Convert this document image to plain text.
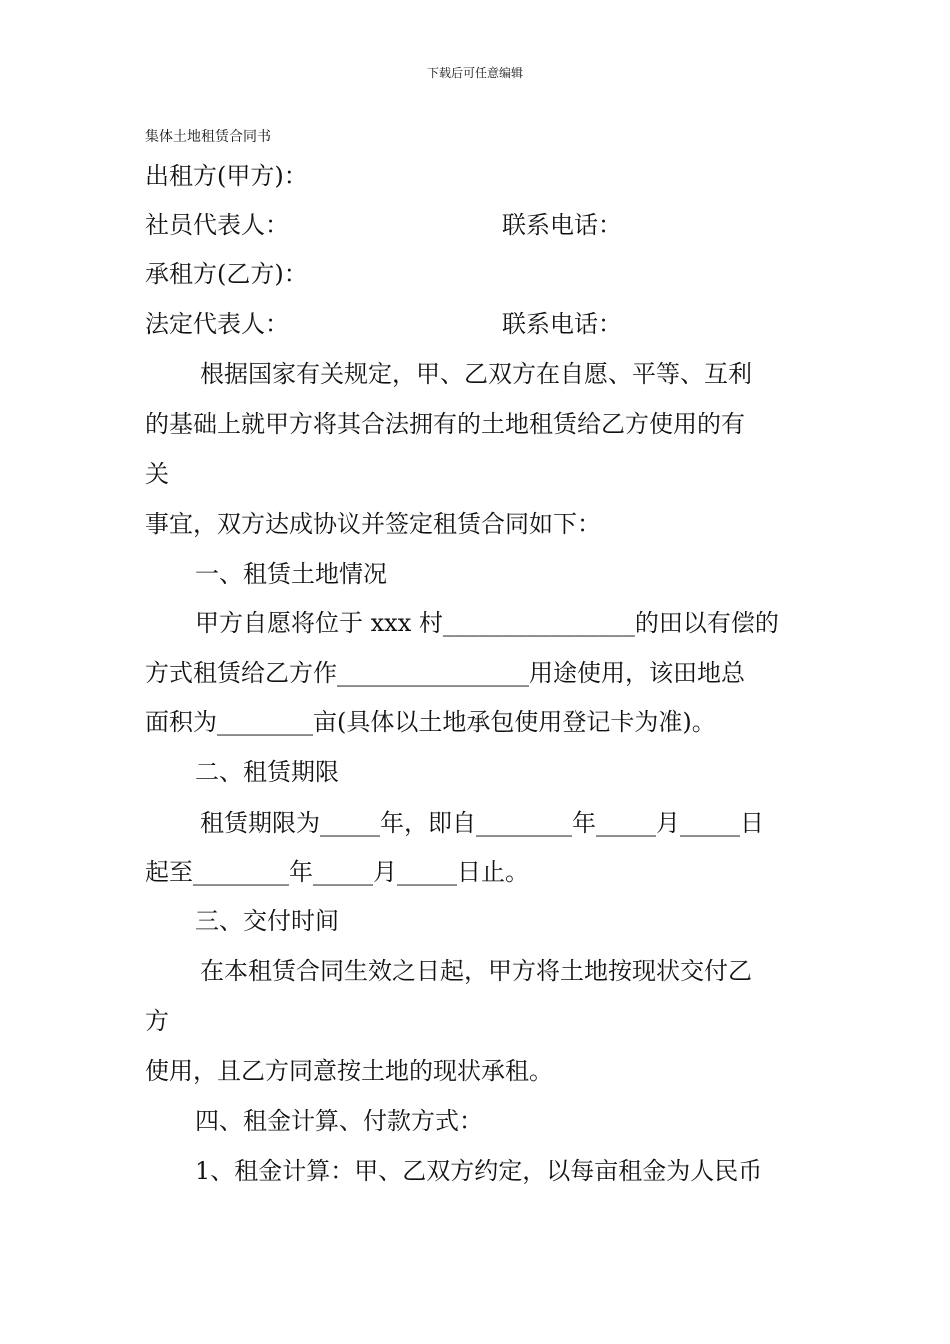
下载后可任意编辑
集体土地租赁合同书
出租方(甲方)：
社员代表人：	联系电话：
承租方(乙方)：
法定代表人：	联系电话：
根据国家有关规定，甲、乙双方在自愿、平等、互利
的基础上就甲方将其合法拥有的土地租赁给乙方使用的有
关
事宜，双方达成协议并签定租赁合同如下：
一、租赁土地情况
甲方自愿将位于 xxx 村________________的田以有偿的
方式租赁给乙方作________________用途使用，该田地总
面积为________亩(具体以土地承包使用登记卡为准)。
二、租赁期限
租赁期限为_____年，即自________年_____月_____日
起至________年_____月_____日止。
三、交付时间
在本租赁合同生效之日起，甲方将土地按现状交付乙
方
使用，且乙方同意按土地的现状承租。
四、租金计算、付款方式：
1、租金计算：甲、乙双方约定，以每亩租金为人民币
